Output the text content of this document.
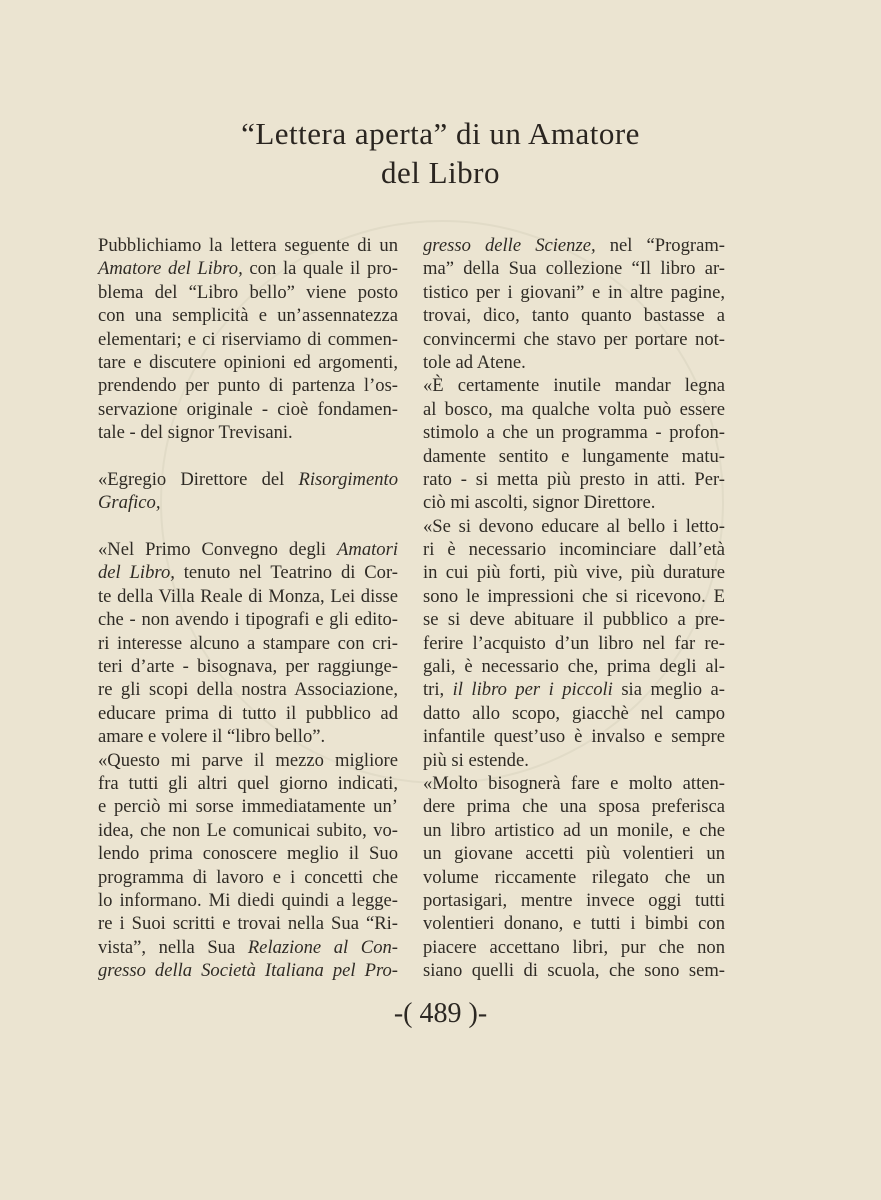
“Lettera aperta” di un Amatore
del Libro
Pubblichiamo la lettera seguente di un
Amatore del Libro, con la quale il pro-
blema del “Libro bello” viene posto
con una semplicità e un’assennatezza
elementari; e ci riserviamo di commen-
tare e discutere opinioni ed argomenti,
prendendo per punto di partenza l’os-
servazione originale - cioè fondamen-
tale - del signor Trevisani.
«Egregio Direttore del Risorgimento
Grafico,
«Nel Primo Convegno degli Amatori
del Libro, tenuto nel Teatrino di Cor-
te della Villa Reale di Monza, Lei disse
che - non avendo i tipografi e gli edito-
ri interesse alcuno a stampare con cri-
teri d’arte - bisognava, per raggiunge-
re gli scopi della nostra Associazione,
educare prima di tutto il pubblico ad
amare e volere il “libro bello”.
«Questo mi parve il mezzo migliore
fra tutti gli altri quel giorno indicati,
e perciò mi sorse immediatamente un’
idea, che non Le comunicai subito, vo-
lendo prima conoscere meglio il Suo
programma di lavoro e i concetti che
lo informano. Mi diedi quindi a legge-
re i Suoi scritti e trovai nella Sua “Ri-
vista”, nella Sua Relazione al Con-
gresso della Società Italiana pel Pro-
gresso delle Scienze, nel “Program-
ma” della Sua collezione “Il libro ar-
tistico per i giovani” e in altre pagine,
trovai, dico, tanto quanto bastasse a
convincermi che stavo per portare not-
tole ad Atene.
«È certamente inutile mandar legna
al bosco, ma qualche volta può essere
stimolo a che un programma - profon-
damente sentito e lungamente matu-
rato - si metta più presto in atti. Per-
ciò mi ascolti, signor Direttore.
«Se si devono educare al bello i letto-
ri è necessario incominciare dall’età
in cui più forti, più vive, più durature
sono le impressioni che si ricevono. E
se si deve abituare il pubblico a pre-
ferire l’acquisto d’un libro nel far re-
gali, è necessario che, prima degli al-
tri, il libro per i piccoli sia meglio a-
datto allo scopo, giacchè nel campo
infantile quest’uso è invalso e sempre
più si estende.
«Molto bisognerà fare e molto atten-
dere prima che una sposa preferisca
un libro artistico ad un monile, e che
un giovane accetti più volentieri un
volume riccamente rilegato che un
portasigari, mentre invece oggi tutti
volentieri donano, e tutti i bimbi con
piacere accettano libri, pur che non
siano quelli di scuola, che sono sem-
-( 489 )-
